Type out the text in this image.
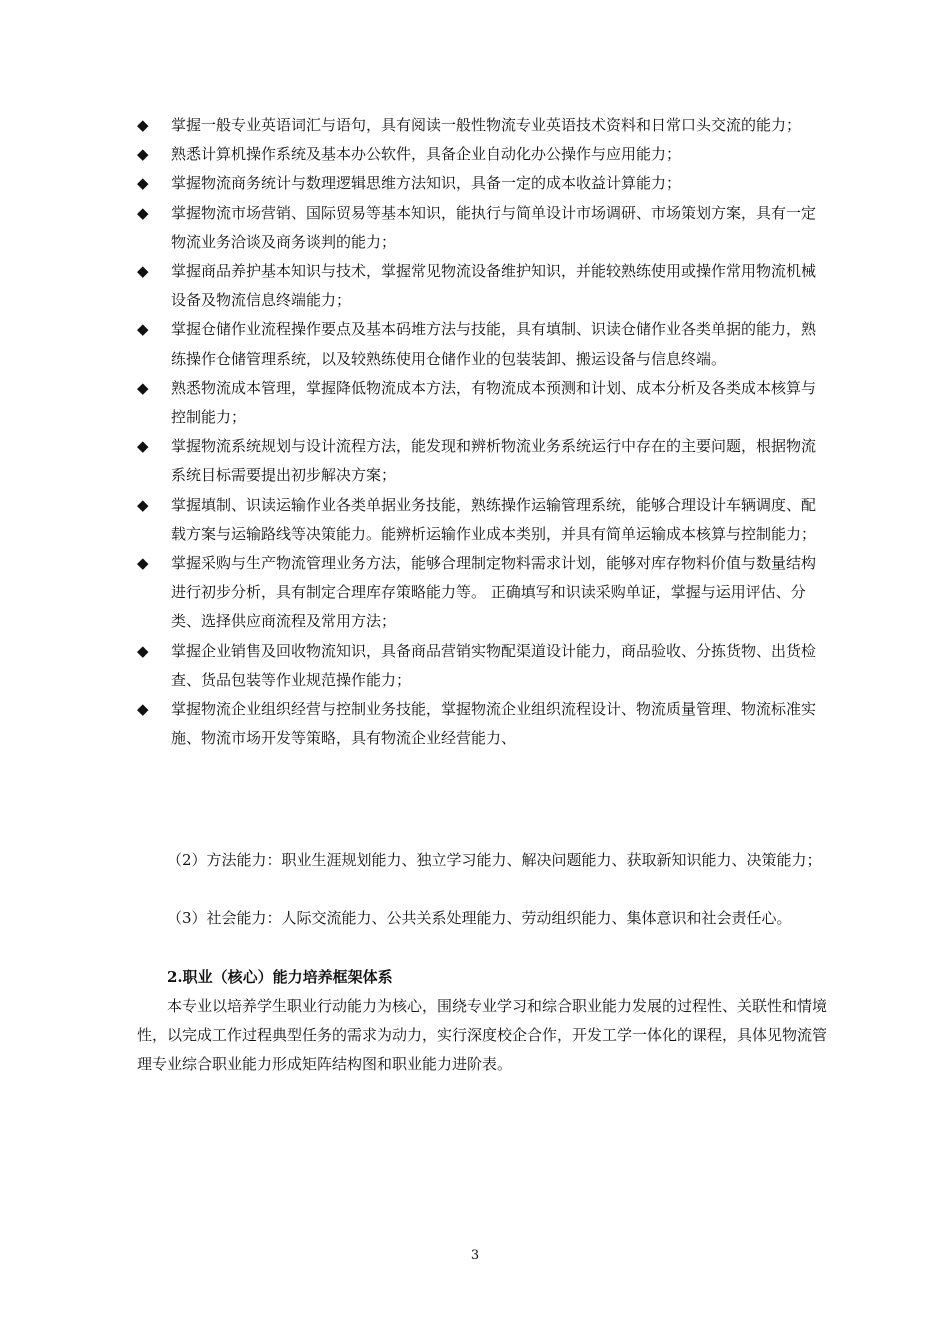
◆ 掌握一般专业英语词汇与语句，具有阅读一般性物流专业英语技术资料和日常口头交流的能力；
◆ 熟悉计算机操作系统及基本办公软件，具备企业自动化办公操作与应用能力；
◆ 掌握物流商务统计与数理逻辑思维方法知识，具备一定的成本收益计算能力；
◆ 掌握物流市场营销、国际贸易等基本知识，能执行与简单设计市场调研、市场策划方案，具有一定物流业务洽谈及商务谈判的能力；
◆ 掌握商品养护基本知识与技术，掌握常见物流设备维护知识，并能较熟练使用或操作常用物流机械设备及物流信息终端能力；
◆ 掌握仓储作业流程操作要点及基本码堆方法与技能，具有填制、识读仓储作业各类单据的能力，熟练操作仓储管理系统，以及较熟练使用仓储作业的包装装卸、搬运设备与信息终端。
◆ 熟悉物流成本管理，掌握降低物流成本方法，有物流成本预测和计划、成本分析及各类成本核算与控制能力；
◆ 掌握物流系统规划与设计流程方法，能发现和辨析物流业务系统运行中存在的主要问题，根据物流系统目标需要提出初步解决方案；
◆ 掌握填制、识读运输作业各类单据业务技能，熟练操作运输管理系统，能够合理设计车辆调度、配载方案与运输路线等决策能力。能辨析运输作业成本类别，并具有简单运输成本核算与控制能力；
◆ 掌握采购与生产物流管理业务方法，能够合理制定物料需求计划，能够对库存物料价值与数量结构进行初步分析，具有制定合理库存策略能力等。 正确填写和识读采购单证，掌握与运用评估、分类、选择供应商流程及常用方法；
◆ 掌握企业销售及回收物流知识，具备商品营销实物配渠道设计能力，商品验收、分拣货物、出货检查、货品包装等作业规范操作能力；
◆ 掌握物流企业组织经营与控制业务技能，掌握物流企业组织流程设计、物流质量管理、物流标准实施、物流市场开发等策略，具有物流企业经营能力、

（2）方法能力：职业生涯规划能力、独立学习能力、解决问题能力、获取新知识能力、决策能力；

（3）社会能力：人际交流能力、公共关系处理能力、劳动组织能力、集体意识和社会责任心。

2.职业（核心）能力培养框架体系

本专业以培养学生职业行动能力为核心，围绕专业学习和综合职业能力发展的过程性、关联性和情境性，以完成工作过程典型任务的需求为动力，实行深度校企合作，开发工学一体化的课程，具体见物流管理专业综合职业能力形成矩阵结构图和职业能力进阶表。

3
